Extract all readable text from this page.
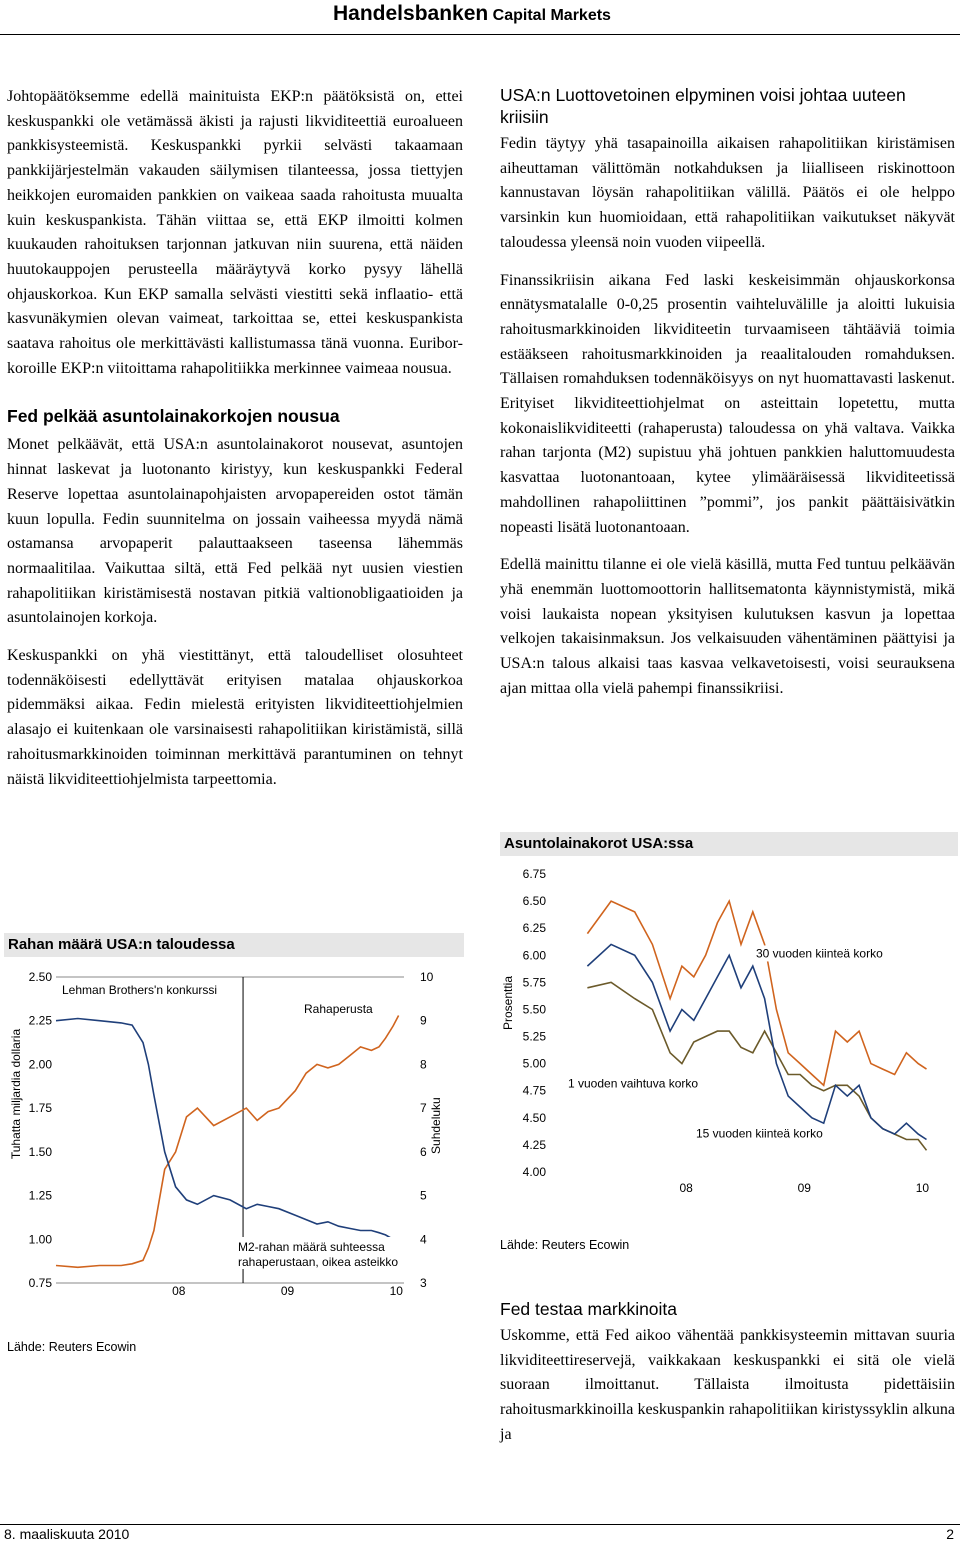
Handelsbanken Capital Markets

Johtopäätöksemme edellä mainituista EKP:n päätöksistä on, ettei keskuspankki ole vetämässä äkisti ja rajusti likviditeettiä euroalueen pankkisysteemistä. Keskuspankki pyrkii selvästi takaamaan pankkijärjestelmän vakauden säilymisen tilanteessa, jossa tiettyjen heikkojen euromaiden pankkien on vaikeaa saada rahoitusta muualta kuin keskuspankista. Tähän viittaa se, että EKP ilmoitti kolmen kuukauden rahoituksen tarjonnan jatkuvan niin suurena, että näiden huutokauppojen perusteella määräytyvä korko pysyy lähellä ohjauskorkoa. Kun EKP samalla selvästi viestitti sekä inflaatio- että kasvunäkymien olevan vaimeat, tarkoittaa se, ettei keskuspankista saatava rahoitus ole merkittävästi kallistumassa tänä vuonna. Euribor-koroille EKP:n viitoittama rahapolitiikka merkinnee vaimeaa nousua.

Fed pelkää asuntolainakorkojen nousua

Monet pelkäävät, että USA:n asuntolainakorot nousevat, asuntojen hinnat laskevat ja luotonanto kiristyy, kun keskuspankki Federal Reserve lopettaa asuntolainapohjaisten arvopapereiden ostot tämän kuun lopulla. Fedin suunnitelma on jossain vaiheessa myydä nämä ostamansa arvopaperit palauttaakseen taseensa lähemmäs normaalitilaa. Vaikuttaa siltä, että Fed pelkää nyt uusien viestien rahapolitiikan kiristämisestä nostavan pitkiä valtionobligaatioiden ja asuntolainojen korkoja.

Keskuspankki on yhä viestittänyt, että taloudelliset olosuhteet todennäköisesti edellyttävät erityisen matalaa ohjauskorkoa pidemmäksi aikaa. Fedin mielestä erityisten likviditeettiohjelmien alasajo ei kuitenkaan ole varsinaisesti rahapolitiikan kiristämistä, sillä rahoitusmarkkinoiden toiminnan merkittävä parantuminen on tehnyt näistä likviditeettiohjelmista tarpeettomia.

Rahan määrä USA:n taloudessa
2.50
2.25
2.00
1.75
1.50
1.25
1.00
0.75
10
9
8
7
6
5
4
3
08	09	10
Tuhatta miljardia dollaria	Suhdeluku
Lehman Brothers'n konkurssi
Rahaperusta
M2-rahan määrä suhteessa
rahaperustaan, oikea asteikko
Lähde: Reuters Ecowin
USA:n Luottovetoinen elpyminen voisi johtaa uuteen kriisiin

Fedin täytyy yhä tasapainoilla aikaisen rahapolitiikan kiristämisen aiheuttaman välittömän notkahduksen ja liialliseen riskinottoon kannustavan löysän rahapolitiikan välillä. Päätös ei ole helppo varsinkin kun huomioidaan, että rahapolitiikan vaikutukset näkyvät taloudessa yleensä noin vuoden viipeellä.

Finanssikriisin aikana Fed laski keskeisimmän ohjauskorkonsa ennätysmatalalle 0-0,25 prosentin vaihteluvälille ja aloitti lukuisia rahoitusmarkkinoiden likviditeetin turvaamiseen tähtääviä toimia estääkseen rahoitusmarkkinoiden ja reaalitalouden romahduksen. Tällaisen romahduksen todennäköisyys on nyt huomattavasti laskenut. Erityiset likviditeettiohjelmat on asteittain lopetettu, mutta kokonaislikviditeetti (rahaperusta) taloudessa on yhä valtava. Vaikka rahan tarjonta (M2) supistuu yhä johtuen pankkien haluttomuudesta kasvattaa luotonantoaan, kytee ylimääräisessä likviditeetissä mahdollinen rahapoliittinen ”pommi”, jos pankit päättäisivätkin nopeasti lisätä luotonantoaan.

Edellä mainittu tilanne ei ole vielä käsillä, mutta Fed tuntuu pelkäävän yhä enemmän luottomoottorin hallitsematonta käynnistymistä, mikä voisi laukaista nopean yksityisen kulutuksen kasvun ja lopettaa velkojen takaisinmaksun. Jos velkaisuuden vähentäminen päättyisi ja USA:n talous alkaisi taas kasvaa velkavetoisesti, voisi seurauksena ajan mittaa olla vielä pahempi finanssikriisi.

Asuntolainakorot USA:ssa
6.75
6.50
6.25
6.00
5.75
5.50
5.25
5.00
4.75
4.50
4.25
4.00
08	09	10
Prosenttia
30 vuoden kiinteä korko
1 vuoden vaihtuva korko
15 vuoden kiinteä korko
Lähde: Reuters Ecowin
Fed testaa markkinoita

Uskomme, että Fed aikoo vähentää pankkisysteemin mittavan suuria likviditeettireservejä, vaikkakaan keskuspankki ei sitä ole vielä suoraan ilmoittanut. Tällaista ilmoitusta pidettäisiin rahoitusmarkkinoilla keskuspankin rahapolitiikan kiristyssyklin alkuna ja

8. maaliskuuta 2010	2
